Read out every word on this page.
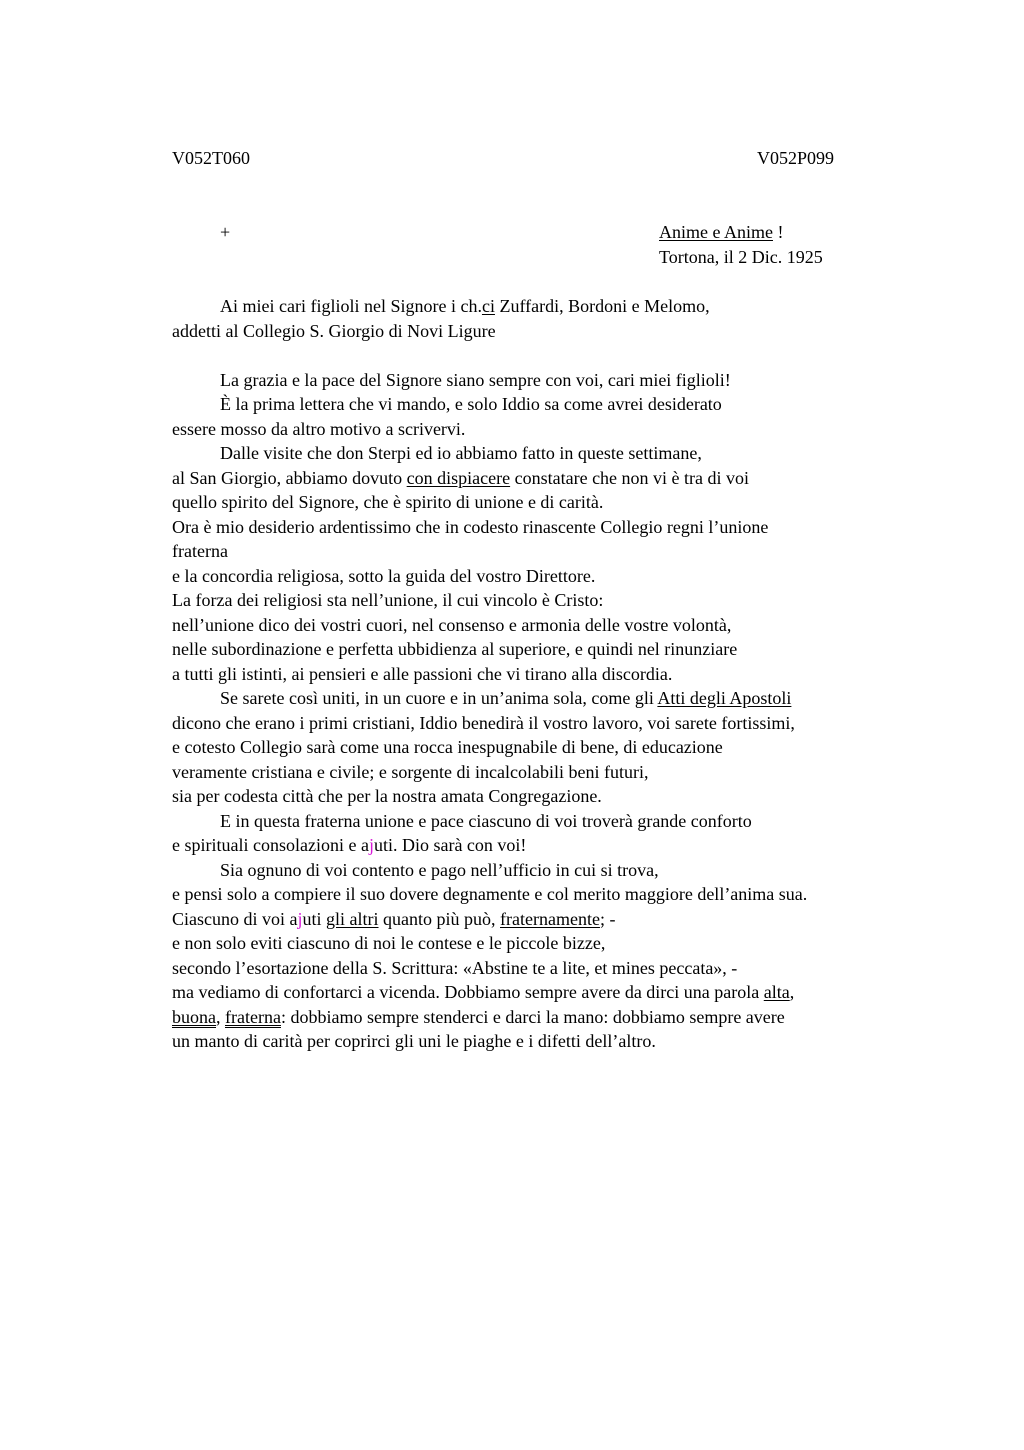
V052T060	V052P099
+	Anime e Anime !
Tortona, il 2 Dic. 1925
Ai miei cari figlioli nel Signore i ch.ci Zuffardi, Bordoni e Melomo,
addetti al Collegio S. Giorgio di Novi Ligure
La grazia e la pace del Signore siano sempre con voi, cari miei figlioli!
È la prima lettera che vi mando, e solo Iddio sa come avrei desiderato
essere mosso da altro motivo a scrivervi.
Dalle visite che don Sterpi ed io abbiamo fatto in queste settimane,
al San Giorgio, abbiamo dovuto con dispiacere constatare che non vi è tra di voi
quello spirito del Signore, che è spirito di unione e di carità.
Ora è mio desiderio ardentissimo che in codesto rinascente Collegio regni l’unione
fraterna
e la concordia religiosa, sotto la guida del vostro Direttore.
La forza dei religiosi sta nell’unione, il cui vincolo è Cristo:
nell’unione dico dei vostri cuori, nel consenso e armonia delle vostre volontà,
nelle subordinazione e perfetta ubbidienza al superiore, e quindi nel rinunziare
a tutti gli istinti, ai pensieri e alle passioni che vi tirano alla discordia.
Se sarete così uniti, in un cuore e in un’anima sola, come gli Atti degli Apostoli
dicono che erano i primi cristiani, Iddio benedirà il vostro lavoro, voi sarete fortissimi,
e cotesto Collegio sarà come una rocca inespugnabile di bene, di educazione
veramente cristiana e civile; e sorgente di incalcolabili beni futuri,
sia per codesta città che per la nostra amata Congregazione.
E in questa fraterna unione e pace ciascuno di voi troverà grande conforto
e spirituali consolazioni e ajuti. Dio sarà con voi!
Sia ognuno di voi contento e pago nell’ufficio in cui si trova,
e pensi solo a compiere il suo dovere degnamente e col merito maggiore dell’anima sua.
Ciascuno di voi ajuti gli altri quanto più può, fraternamente; -
e non solo eviti ciascuno di noi le contese e le piccole bizze,
secondo l’esortazione della S. Scrittura: «Abstine te a lite, et mines peccata», -
ma vediamo di confortarci a vicenda. Dobbiamo sempre avere da dirci una parola alta,
buona, fraterna: dobbiamo sempre stenderci e darci la mano: dobbiamo sempre avere
un manto di carità per coprirci gli uni le piaghe e i difetti dell’altro.
